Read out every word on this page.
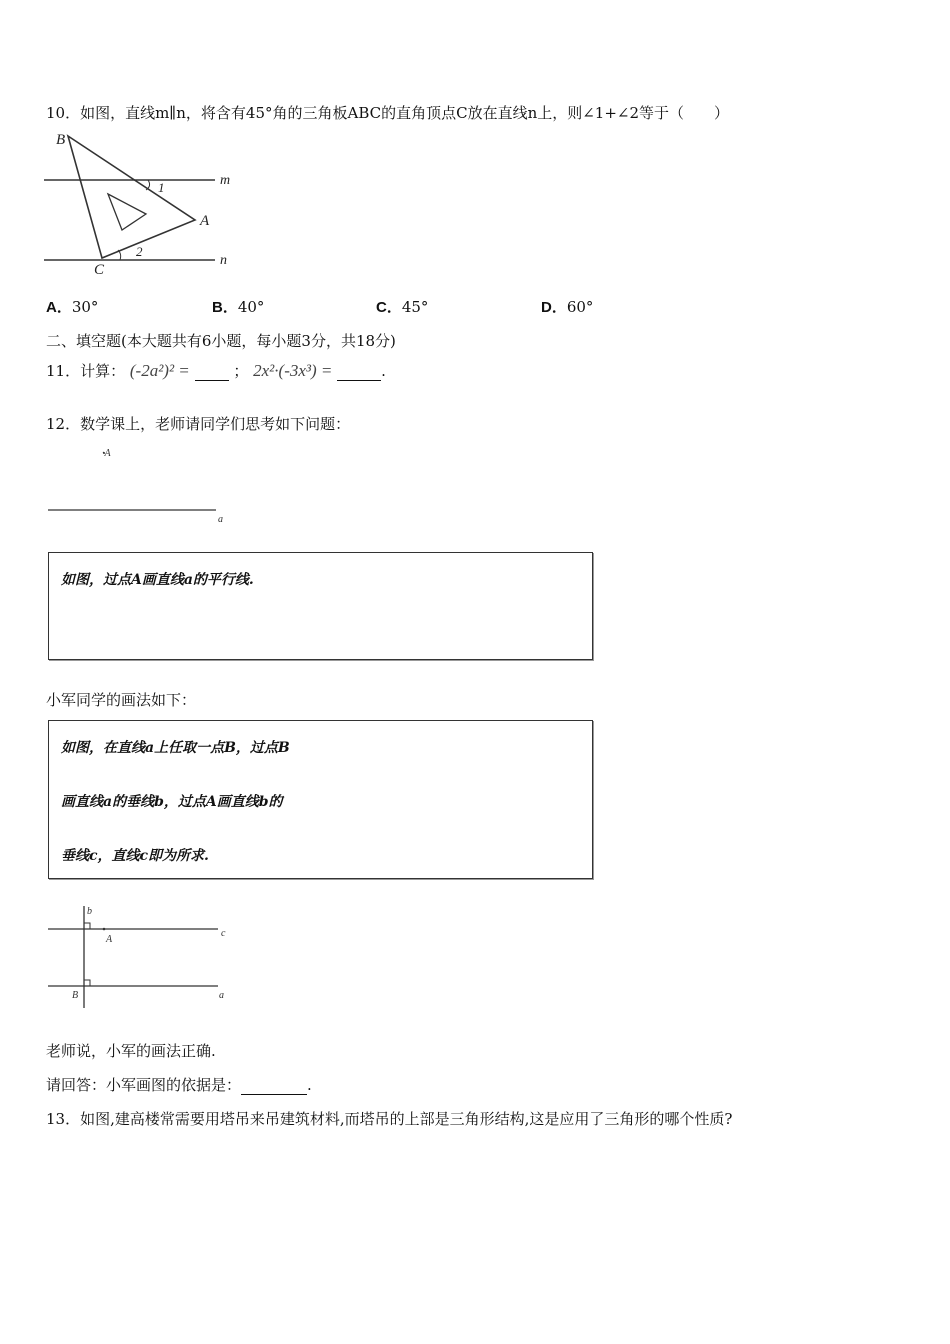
10．如图，直线m∥n，将含有45°角的三角板ABC的直角顶点C放在直线n上，则∠1+∠2等于（　　）
B
m
1
A
2
C
n
A．30°	B．40°	C．45°	D．60°
二、填空题(本大题共有6小题，每小题3分，共18分)
11．计算： (-2a²)² =	； 2x²·(-3x³) =	.
12．数学课上，老师请同学们思考如下问题：
·A
a
如图，过点A画直线a的平行线.
小军同学的画法如下：
如图，在直线a上任取一点B，过点B
画直线a的垂线b，过点A画直线b的
垂线c，直线c即为所求.
b
A
c
B	a
老师说，小军的画法正确.
请回答：小军画图的依据是：	.
13．如图,建高楼常需要用塔吊来吊建筑材料,而塔吊的上部是三角形结构,这是应用了三角形的哪个性质?
